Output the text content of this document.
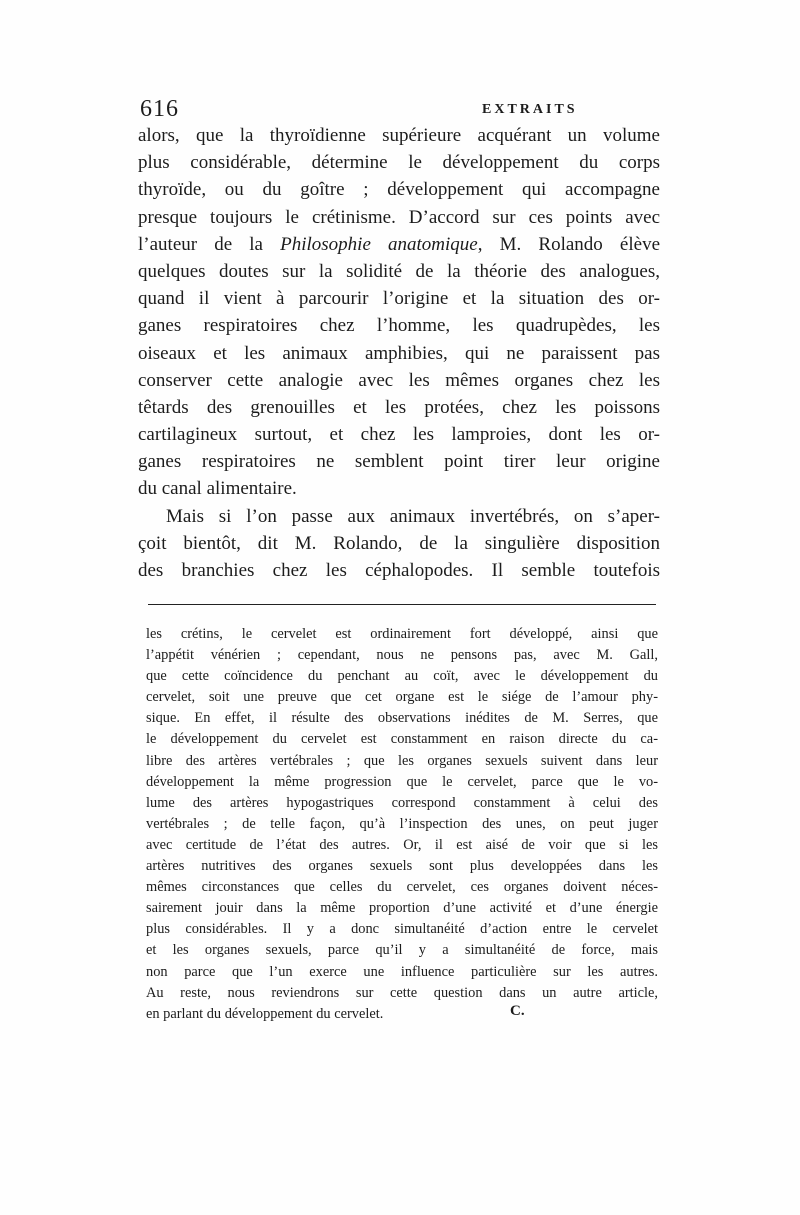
616	EXTRAITS
alors, que la thyroïdienne supérieure acquérant un volume
plus considérable, détermine le développement du corps
thyroïde, ou du goître ; développement qui accompagne
presque toujours le crétinisme. D’accord sur ces points avec
l’auteur de la Philosophie anatomique, M. Rolando élève
quelques doutes sur la solidité de la théorie des analogues,
quand il vient à parcourir l’origine et la situation des or-
ganes respiratoires chez l’homme, les quadrupèdes, les
oiseaux et les animaux amphibies, qui ne paraissent pas
conserver cette analogie avec les mêmes organes chez les
têtards des grenouilles et les protées, chez les poissons
cartilagineux surtout, et chez les lamproies, dont les or-
ganes respiratoires ne semblent point tirer leur origine
du canal alimentaire.
Mais si l’on passe aux animaux invertébrés, on s’aper-
çoit bientôt, dit M. Rolando, de la singulière disposition
des branchies chez les céphalopodes. Il semble toutefois
les crétins, le cervelet est ordinairement fort développé, ainsi que
l’appétit vénérien ; cependant, nous ne pensons pas, avec M. Gall,
que cette coïncidence du penchant au coït, avec le développement du
cervelet, soit une preuve que cet organe est le siége de l’amour phy-
sique. En effet, il résulte des observations inédites de M. Serres, que
le développement du cervelet est constamment en raison directe du ca-
libre des artères vertébrales ; que les organes sexuels suivent dans leur
développement la même progression que le cervelet, parce que le vo-
lume des artères hypogastriques correspond constamment à celui des
vertébrales ; de telle façon, qu’à l’inspection des unes, on peut juger
avec certitude de l’état des autres. Or, il est aisé de voir que si les
artères nutritives des organes sexuels sont plus developpées dans les
mêmes circonstances que celles du cervelet, ces organes doivent néces-
sairement jouir dans la même proportion d’une activité et d’une énergie
plus considérables. Il y a donc simultanéité d’action entre le cervelet
et les organes sexuels, parce qu’il y a simultanéité de force, mais
non parce que l’un exerce une influence particulière sur les autres.
Au reste, nous reviendrons sur cette question dans un autre article,
en parlant du développement du cervelet.	C.
